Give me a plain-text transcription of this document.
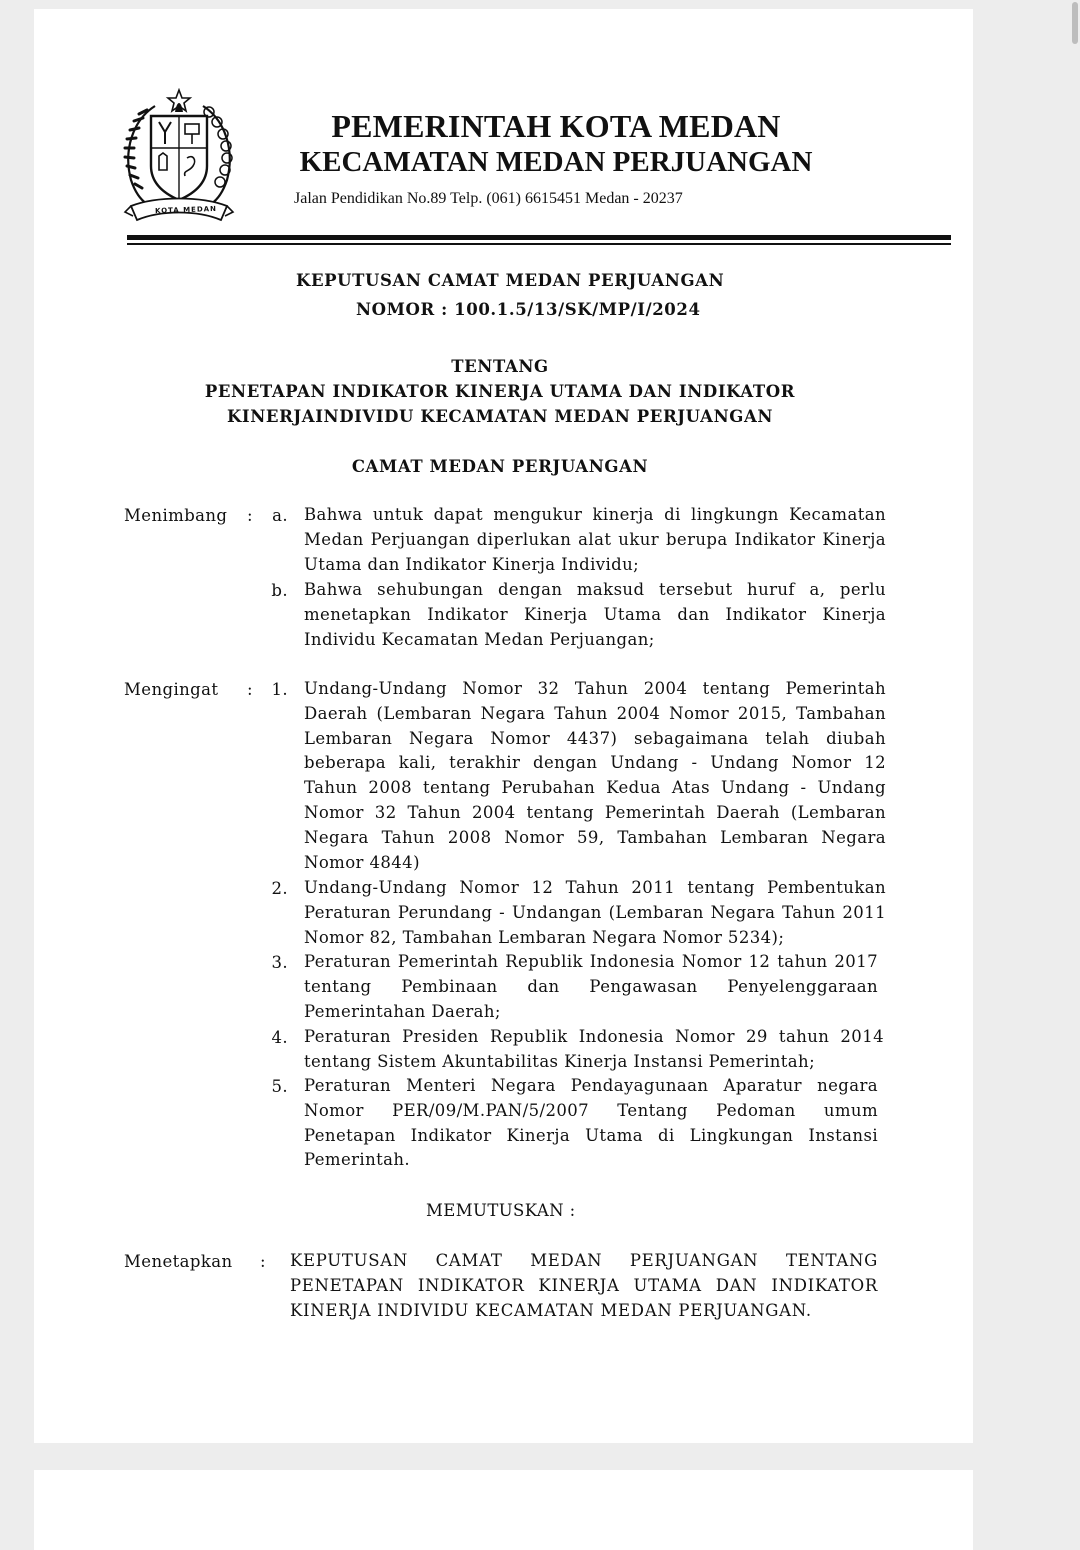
KOTA MEDAN
PEMERINTAH KOTA MEDAN
KECAMATAN MEDAN PERJUANGAN
Jalan Pendidikan No.89 Telp. (061) 6615451 Medan - 20237
KEPUTUSAN CAMAT MEDAN PERJUANGAN
NOMOR : 100.1.5/13/SK/MP/I/2024
TENTANG
PENETAPAN INDIKATOR KINERJA UTAMA DAN INDIKATOR
KINERJAINDIVIDU KECAMATAN MEDAN PERJUANGAN
CAMAT MEDAN PERJUANGAN
Menimbang :	a. Bahwa untuk dapat mengukur kinerja di lingkungn Kecamatan Medan Perjuangan diperlukan alat ukur berupa Indikator Kinerja Utama dan Indikator Kinerja Individu;
b. Bahwa sehubungan dengan maksud tersebut huruf a, perlu menetapkan Indikator Kinerja Utama dan Indikator Kinerja Individu Kecamatan Medan Perjuangan;
Mengingat :	1. Undang-Undang Nomor 32 Tahun 2004 tentang Pemerintah Daerah (Lembaran Negara Tahun 2004 Nomor 2015, Tambahan Lembaran Negara Nomor 4437) sebagaimana telah diubah beberapa kali, terakhir dengan Undang - Undang Nomor 12 Tahun 2008 tentang Perubahan Kedua Atas Undang - Undang Nomor 32 Tahun 2004 tentang Pemerintah Daerah (Lembaran Negara Tahun 2008 Nomor 59, Tambahan Lembaran Negara Nomor 4844)
2. Undang-Undang Nomor 12 Tahun 2011 tentang Pembentukan Peraturan Perundang - Undangan (Lembaran Negara Tahun 2011 Nomor 82, Tambahan Lembaran Negara Nomor 5234);
3. Peraturan Pemerintah Republik Indonesia Nomor 12 tahun 2017 tentang Pembinaan dan Pengawasan Penyelenggaraan Pemerintahan Daerah;
4. Peraturan Presiden Republik Indonesia Nomor 29 tahun 2014 tentang Sistem Akuntabilitas Kinerja Instansi Pemerintah;
5. Peraturan Menteri Negara Pendayagunaan Aparatur negara Nomor PER/09/M.PAN/5/2007 Tentang Pedoman umum Penetapan Indikator Kinerja Utama di Lingkungan Instansi Pemerintah.
MEMUTUSKAN :
Menetapkan : KEPUTUSAN CAMAT MEDAN PERJUANGAN TENTANG PENETAPAN INDIKATOR KINERJA UTAMA DAN INDIKATOR KINERJA INDIVIDU KECAMATAN MEDAN PERJUANGAN.
